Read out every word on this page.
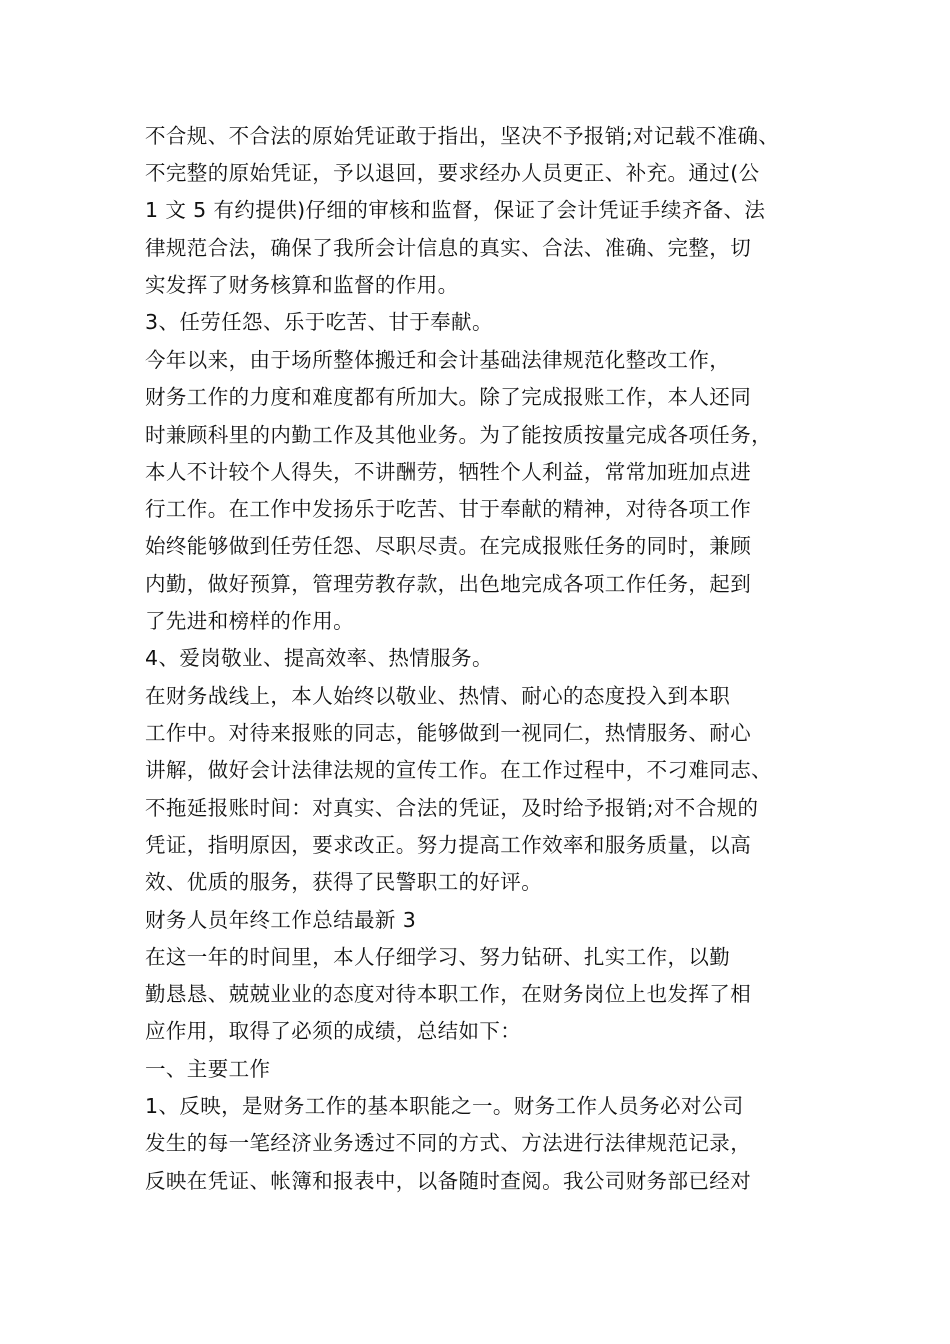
不合规、不合法的原始凭证敢于指出，坚决不予报销;对记载不准确、
不完整的原始凭证，予以退回，要求经办人员更正、补充。通过(公
1 文 5 有约提供)仔细的审核和监督，保证了会计凭证手续齐备、法
律规范合法，确保了我所会计信息的真实、合法、准确、完整，切
实发挥了财务核算和监督的作用。
3、任劳任怨、乐于吃苦、甘于奉献。
今年以来，由于场所整体搬迁和会计基础法律规范化整改工作，
财务工作的力度和难度都有所加大。除了完成报账工作，本人还同
时兼顾科里的内勤工作及其他业务。为了能按质按量完成各项任务，
本人不计较个人得失，不讲酬劳，牺牲个人利益，常常加班加点进
行工作。在工作中发扬乐于吃苦、甘于奉献的精神，对待各项工作
始终能够做到任劳任怨、尽职尽责。在完成报账任务的同时，兼顾
内勤，做好预算，管理劳教存款，出色地完成各项工作任务，起到
了先进和榜样的作用。
4、爱岗敬业、提高效率、热情服务。
在财务战线上，本人始终以敬业、热情、耐心的态度投入到本职
工作中。对待来报账的同志，能够做到一视同仁，热情服务、耐心
讲解，做好会计法律法规的宣传工作。在工作过程中，不刁难同志、
不拖延报账时间：对真实、合法的凭证，及时给予报销;对不合规的
凭证，指明原因，要求改正。努力提高工作效率和服务质量，以高
效、优质的服务，获得了民警职工的好评。
财务人员年终工作总结最新 3
在这一年的时间里，本人仔细学习、努力钻研、扎实工作，以勤
勤恳恳、兢兢业业的态度对待本职工作，在财务岗位上也发挥了相
应作用，取得了必须的成绩，总结如下：
一、主要工作
1、反映，是财务工作的基本职能之一。财务工作人员务必对公司
发生的每一笔经济业务透过不同的方式、方法进行法律规范记录，
反映在凭证、帐簿和报表中，以备随时查阅。我公司财务部已经对
